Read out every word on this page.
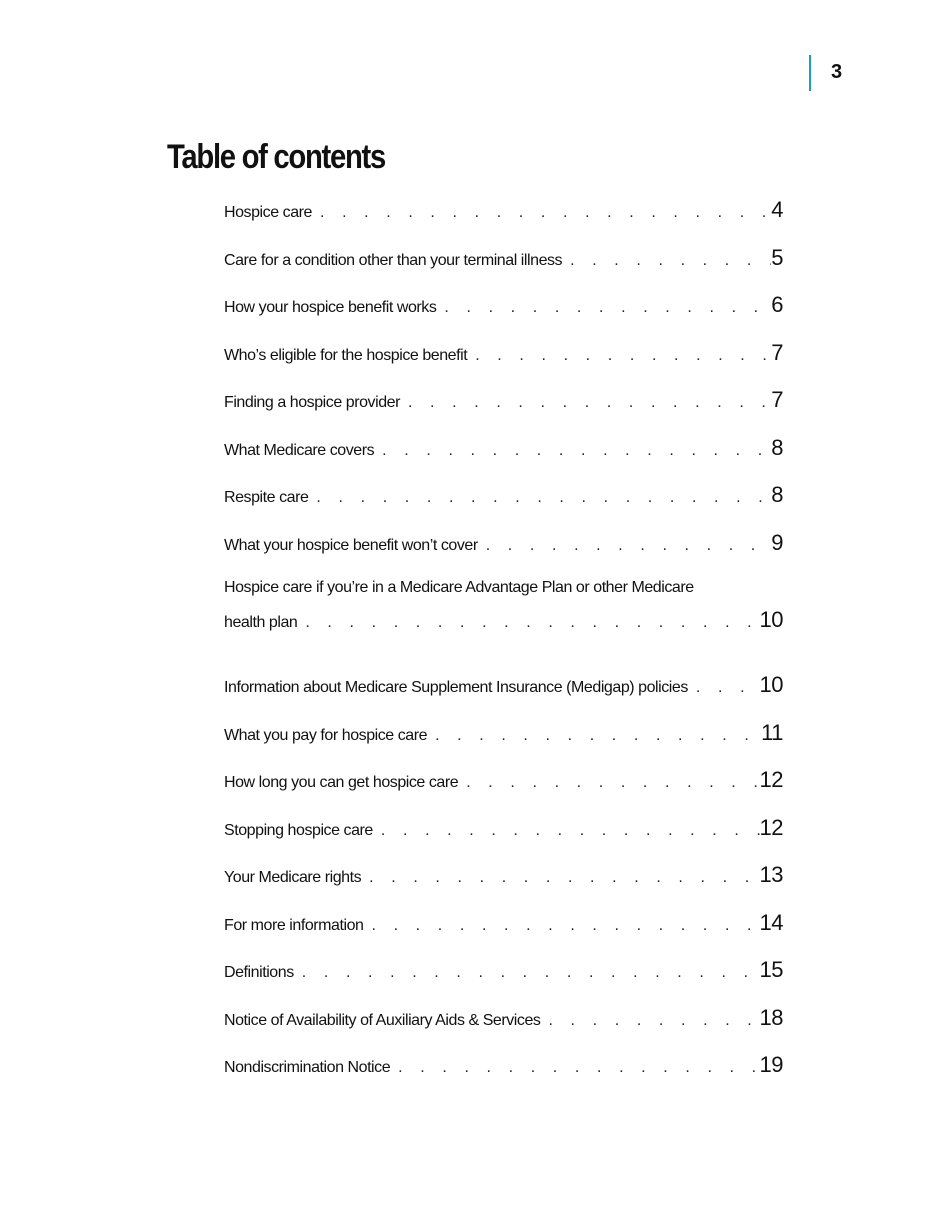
3
Table of contents
Hospice care . . .	4
Care for a condition other than your terminal illness . . .	5
How your hospice benefit works . . .	6
Who’s eligible for the hospice benefit . . .	7
Finding a hospice provider . . .	7
What Medicare covers . . .	8
Respite care . . .	8
What your hospice benefit won’t cover . . .	9
Hospice care if you’re in a Medicare Advantage Plan or other Medicare
health plan . . .	10
Information about Medicare Supplement Insurance (Medigap) policies . . .	10
What you pay for hospice care . . .	11
How long you can get hospice care . . .	12
Stopping hospice care . . .	12
Your Medicare rights . . .	13
For more information . . .	14
Definitions . . .	15
Notice of Availability of Auxiliary Aids & Services . . .	18
Nondiscrimination Notice . . .	19
